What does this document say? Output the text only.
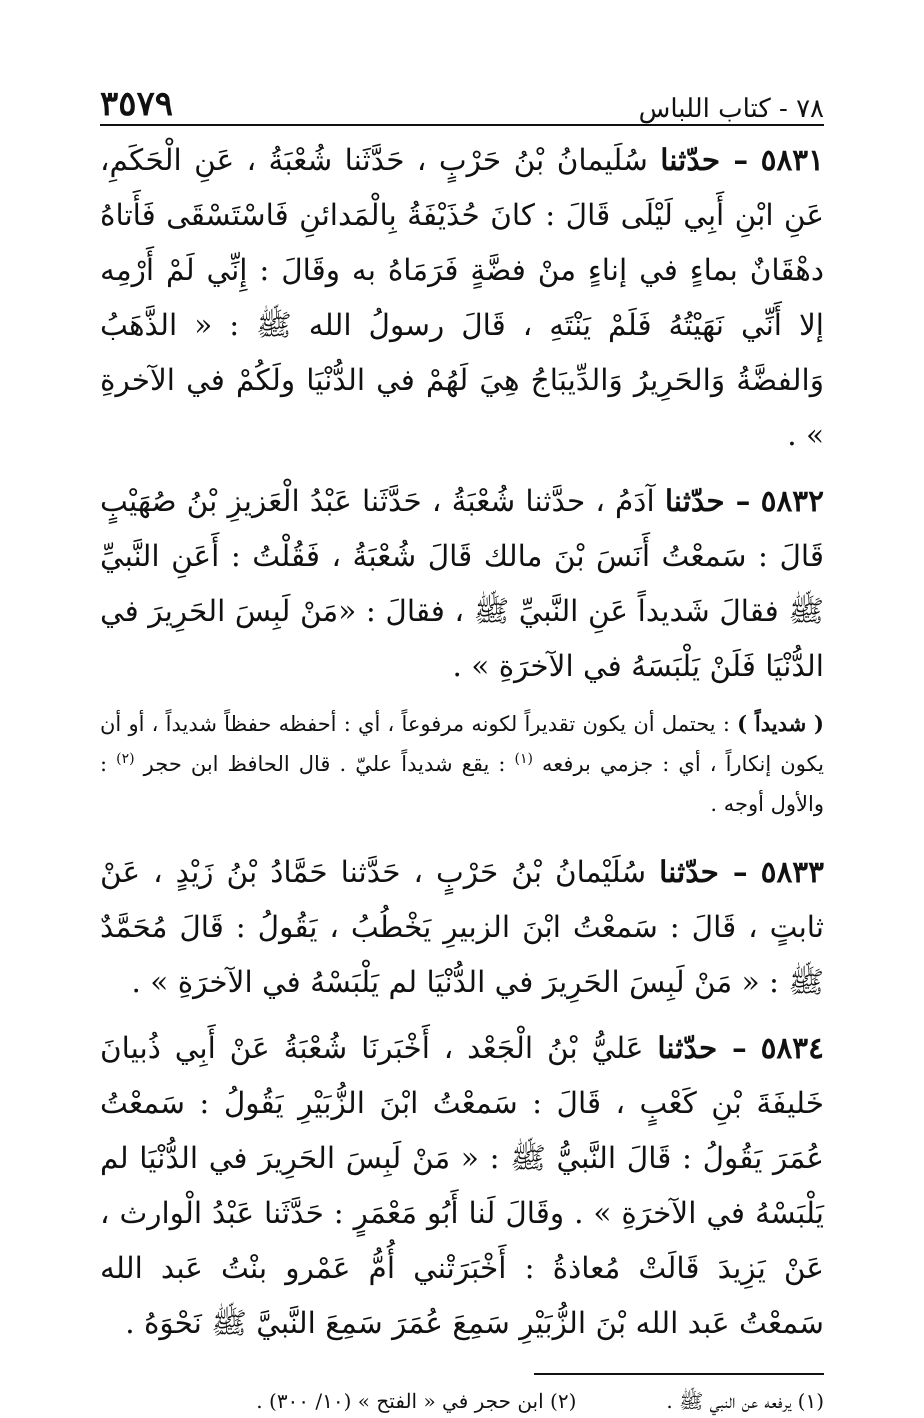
٧٨ - كتاب اللباس
٣٥٧٩

٥٨٣١ – حدّثنا سُلَيمانُ بْنُ حَرْبٍ ، حَدَّثَنا شُعْبَةُ ، عَنِ الْحَكَمِ، عَنِ ابْنِ أَبِي لَيْلَى قَالَ : كانَ حُذَيْفَةُ بِالْمَدائنِ فَاسْتَسْقَى فَأَتاهُ دهْقَانٌ بماءٍ في إناءٍ منْ فضَّةٍ فَرَمَاهُ به وقَالَ : إِنِّي لَمْ أَرْمِه إلا أَنِّي نَهَيْتُهُ فَلَمْ يَنْتَهِ ، قَالَ رسولُ الله ﷺ : « الذَّهَبُ وَالفضَّةُ وَالحَرِيرُ وَالدِّيبَاجُ هِيَ لَهُمْ في الدُّنْيَا ولَكُمْ في الآخرةِ » .

٥٨٣٢ – حدّثنا آدَمُ ، حدَّثنا شُعْبَةُ ، حَدَّثَنا عَبْدُ الْعَزيزِ بْنُ صُهَيْبٍ قَالَ : سَمعْتُ أَنَسَ بْنَ مالك قَالَ شُعْبَةُ ، فَقُلْتُ : أَعَنِ النَّبيِّ ﷺ فقالَ شَديداً عَنِ النَّبيِّ ﷺ ، فقالَ : «مَنْ لَبِسَ الحَرِيرَ في الدُّنْيَا فَلَنْ يَلْبَسَهُ في الآخرَةِ » .

( شديداً ) : يحتمل أن يكون تقديراً لكونه مرفوعاً ، أي : أحفظه حفظاً شديداً ، أو أن يكون إنكاراً ، أي : جزمي برفعه $^{(١)}$ : يقع شديداً عليّ . قال الحافظ ابن حجر $^{(٢)}$ : والأول أوجه .

٥٨٣٣ – حدّثنا سُلَيْمانُ بْنُ حَرْبٍ ، حَدَّثنا حَمَّادُ بْنُ زَيْدٍ ، عَنْ ثابتٍ ، قَالَ : سَمعْتُ ابْنَ الزبيرِ يَخْطُبُ ، يَقُولُ : قَالَ مُحَمَّدٌ ﷺ : « مَنْ لَبِسَ الحَرِيرَ في الدُّنْيَا لم يَلْبَسْهُ في الآخرَةِ » .

٥٨٣٤ – حدّثنا عَليُّ بْنُ الْجَعْد ، أَخْبَرنَا شُعْبَةُ عَنْ أَبِي ذُبيانَ خَليفَةَ بْنِ كَعْبٍ ، قَالَ : سَمعْتُ ابْنَ الزُّبَيْرِ يَقُولُ : سَمعْتُ عُمَرَ يَقُولُ : قَالَ النَّبيُّ ﷺ : « مَنْ لَبِسَ الحَرِيرَ في الدُّنْيَا لم يَلْبَسْهُ في الآخرَةِ » . وقَالَ لَنا أَبُو مَعْمَرٍ : حَدَّثَنا عَبْدُ الْوارث ، عَنْ يَزِيدَ قَالَتْ مُعاذةُ : أَخْبَرَتْني أُمُّ عَمْرو بنْتُ عَبد الله سَمعْتُ عَبد الله بْنَ الزُّبَيْرِ سَمِعَ عُمَرَ سَمِعَ النَّبيَّ ﷺ نَحْوَهُ .

(١) يرفعه عن النبي ﷺ .
(٢) ابن حجر في « الفتح » (١٠/ ٣٠٠) .
